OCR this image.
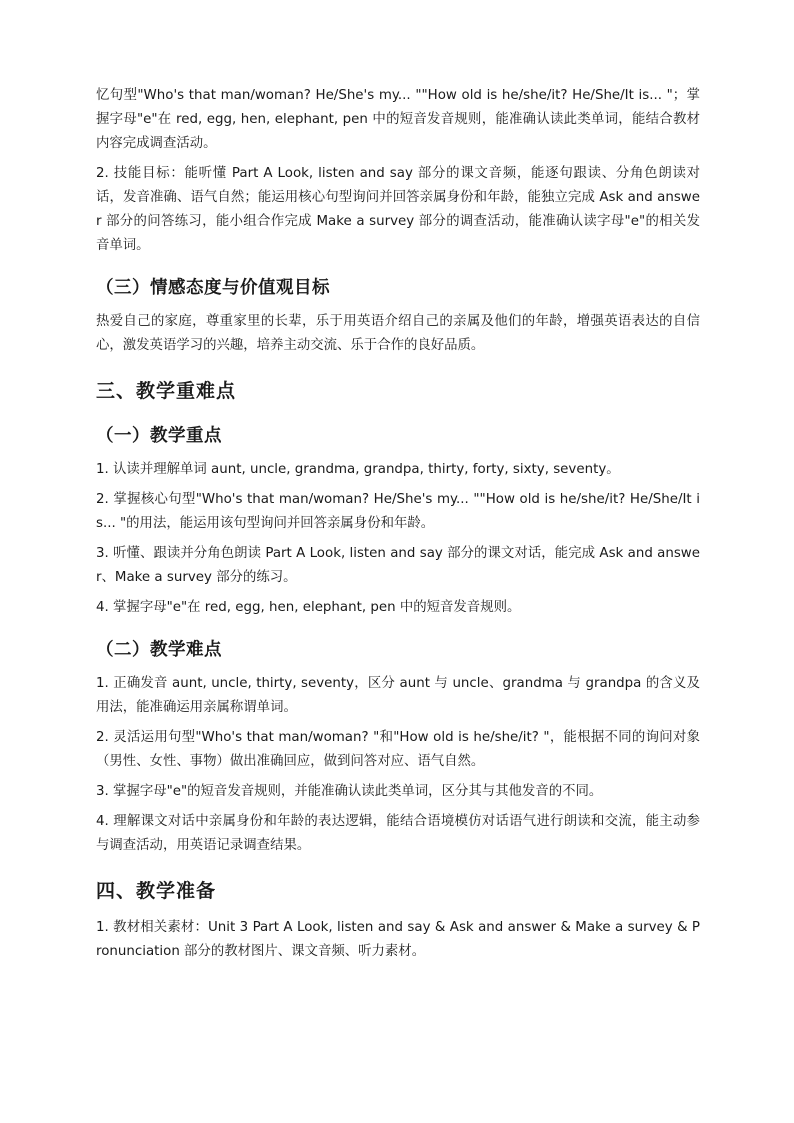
忆句型"Who's that man/woman? He/She's my... ""How old is he/she/it? He/She/It is... "；掌握字母"e"在 red, egg, hen, elephant, pen 中的短音发音规则，能准确认读此类单词，能结合教材内容完成调查活动。

2. 技能目标：能听懂 Part A Look, listen and say 部分的课文音频，能逐句跟读、分角色朗读对话，发音准确、语气自然；能运用核心句型询问并回答亲属身份和年龄，能独立完成 Ask and answer 部分的问答练习，能小组合作完成 Make a survey 部分的调查活动，能准确认读字母"e"的相关发音单词。

（三）情感态度与价值观目标

热爱自己的家庭，尊重家里的长辈，乐于用英语介绍自己的亲属及他们的年龄，增强英语表达的自信心，激发英语学习的兴趣，培养主动交流、乐于合作的良好品质。

三、教学重难点
（一）教学重点

1. 认读并理解单词 aunt, uncle, grandma, grandpa, thirty, forty, sixty, seventy。

2. 掌握核心句型"Who's that man/woman? He/She's my... ""How old is he/she/it? He/She/It is... "的用法，能运用该句型询问并回答亲属身份和年龄。

3. 听懂、跟读并分角色朗读 Part A Look, listen and say 部分的课文对话，能完成 Ask and answer、Make a survey 部分的练习。

4. 掌握字母"e"在 red, egg, hen, elephant, pen 中的短音发音规则。

（二）教学难点

1. 正确发音 aunt, uncle, thirty, seventy，区分 aunt 与 uncle、grandma 与 grandpa 的含义及用法，能准确运用亲属称谓单词。

2. 灵活运用句型"Who's that man/woman? "和"How old is he/she/it? "，能根据不同的询问对象（男性、女性、事物）做出准确回应，做到问答对应、语气自然。

3. 掌握字母"e"的短音发音规则，并能准确认读此类单词，区分其与其他发音的不同。

4. 理解课文对话中亲属身份和年龄的表达逻辑，能结合语境模仿对话语气进行朗读和交流，能主动参与调查活动，用英语记录调查结果。

四、教学准备

1. 教材相关素材：Unit 3 Part A Look, listen and say & Ask and answer & Make a survey & Pronunciation 部分的教材图片、课文音频、听力素材。
